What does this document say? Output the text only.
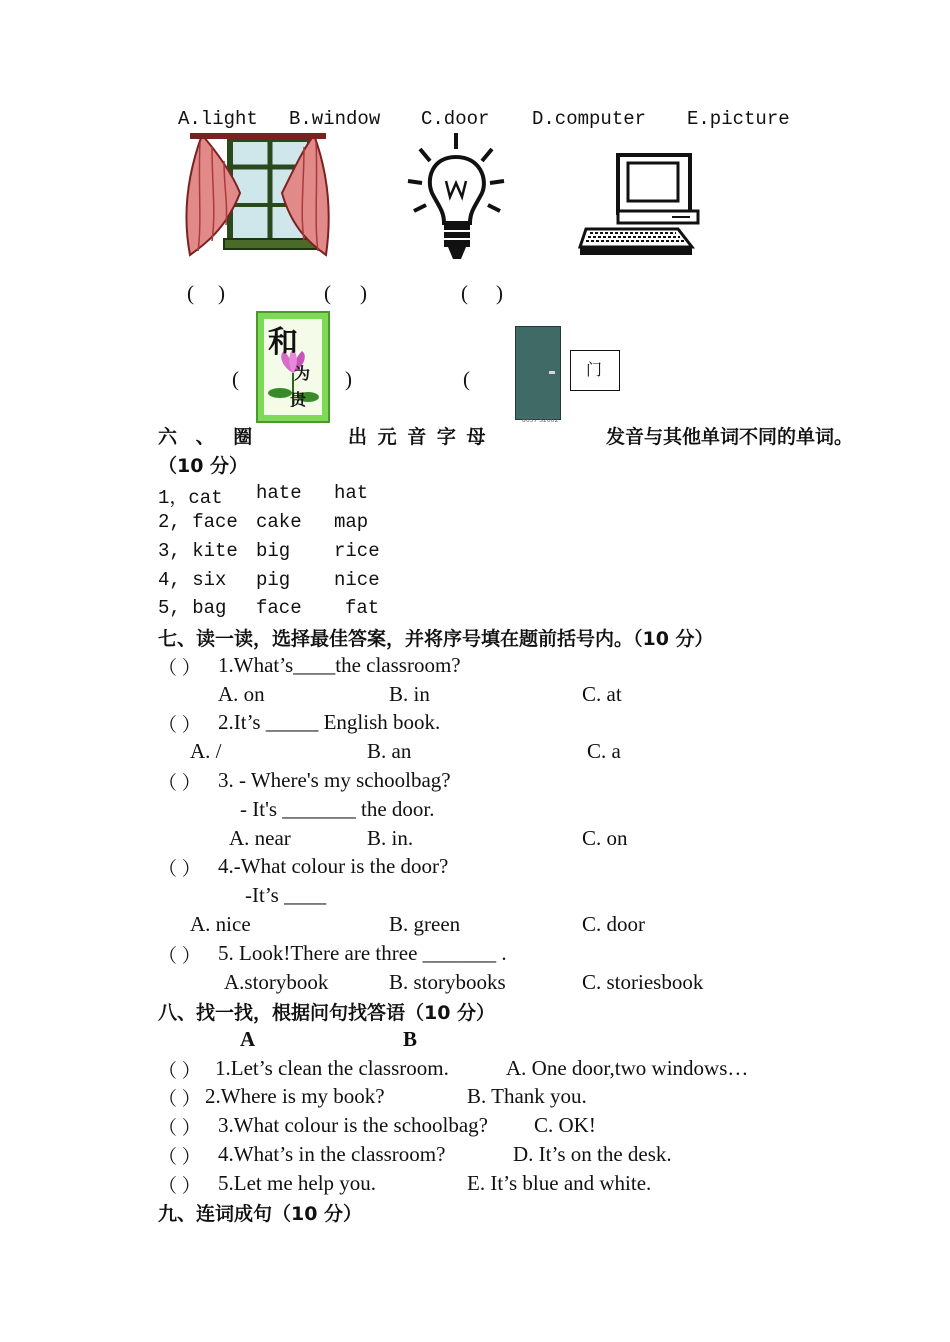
A.light B.window C.door D.computer E.picture
( )	( )	( )
和
为
贵
(	)	(
8657 S2002
门
六 、 圈	出 元 音 字 母	发音与其他单词不同的单词。
（10 分）
1，cat hate hat
2, face cake map
3, kite big rice
4, six pig nice
5, bag face fat
七、读一读，选择最佳答案，并将序号填在题前括号内。（10 分）
（ ） 1.What’s____the classroom?
A. on	B. in	C. at
（ ） 2.It’s _____ English book.
A. /	B. an	C. a
（ ） 3. - Where's my schoolbag?
- It's _______ the door.
A. near	B. in.	C. on
（ ） 4.-What colour is the door?
-It’s ____
A. nice	B. green	C. door
（ ） 5. Look!There are three _______ .
A.storybook	B. storybooks	C. storiesbook
八、找一找，根据问句找答语（10 分）
A	B
（ ） 1.Let’s clean the classroom.	A. One door,two windows…
（ ） 2.Where is my book?	B. Thank you.
（ ） 3.What colour is the schoolbag? C. OK!
（ ） 4.What’s in the classroom?	D. It’s on the desk.
（ ） 5.Let me help you.	E. It’s blue and white.
九、连词成句（10 分）
